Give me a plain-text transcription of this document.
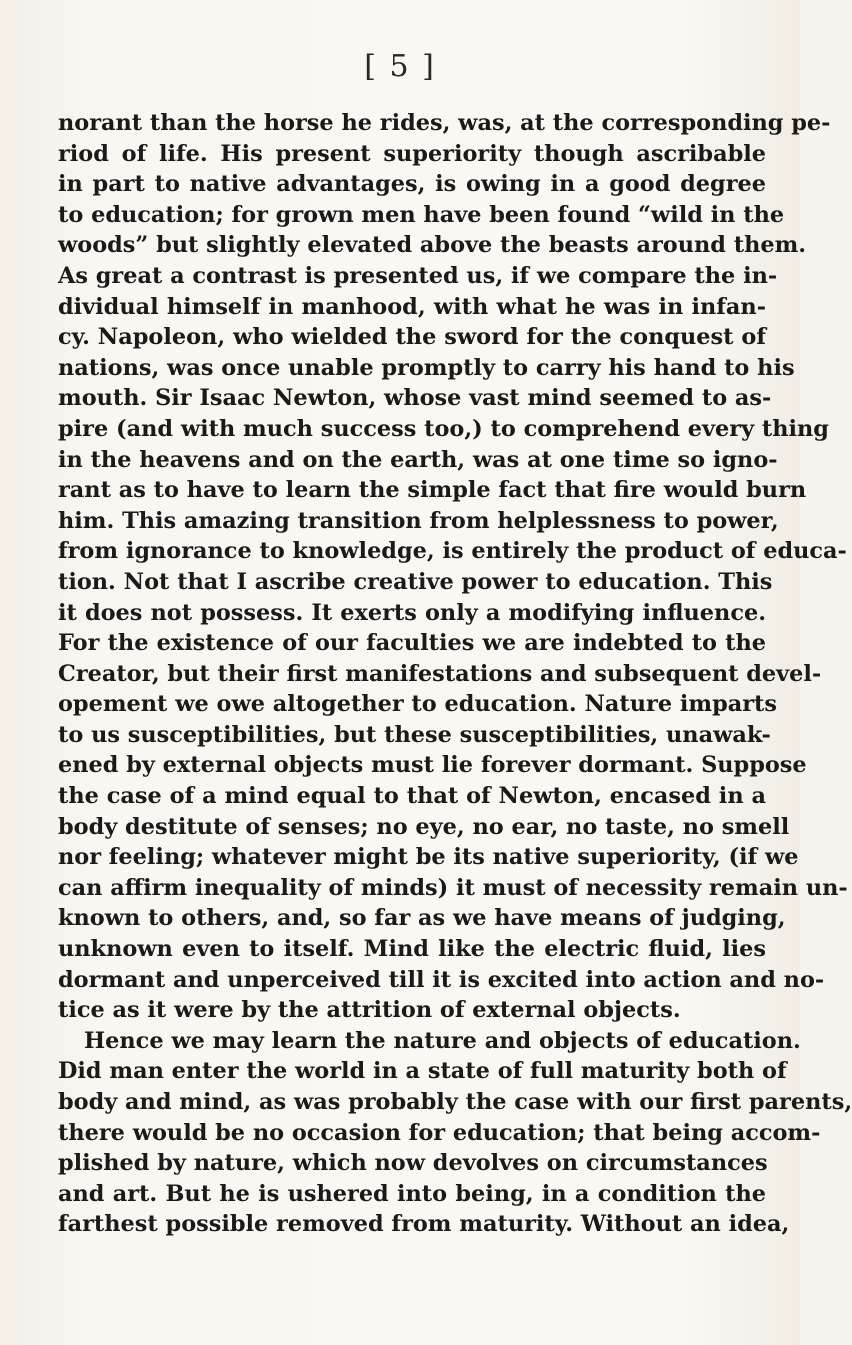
[ 5 ]
norant than the horse he rides, was, at the corresponding pe-
riod of life. His present superiority though ascribable
in part to native advantages, is owing in a good degree
to education; for grown men have been found “wild in the
woods” but slightly elevated above the beasts around them.
As great a contrast is presented us, if we compare the in-
dividual himself in manhood, with what he was in infan-
cy. Napoleon, who wielded the sword for the conquest of
nations, was once unable promptly to carry his hand to his
mouth. Sir Isaac Newton, whose vast mind seemed to as-
pire (and with much success too,) to comprehend every thing
in the heavens and on the earth, was at one time so igno-
rant as to have to learn the simple fact that fire would burn
him. This amazing transition from helplessness to power,
from ignorance to knowledge, is entirely the product of educa-
tion. Not that I ascribe creative power to education. This
it does not possess. It exerts only a modifying influence.
For the existence of our faculties we are indebted to the
Creator, but their first manifestations and subsequent devel-
opement we owe altogether to education. Nature imparts
to us susceptibilities, but these susceptibilities, unawak-
ened by external objects must lie forever dormant. Suppose
the case of a mind equal to that of Newton, encased in a
body destitute of senses; no eye, no ear, no taste, no smell
nor feeling; whatever might be its native superiority, (if we
can affirm inequality of minds) it must of necessity remain un-
known to others, and, so far as we have means of judging,
unknown even to itself. Mind like the electric fluid, lies
dormant and unperceived till it is excited into action and no-
tice as it were by the attrition of external objects.
Hence we may learn the nature and objects of education.
Did man enter the world in a state of full maturity both of
body and mind, as was probably the case with our first parents,
there would be no occasion for education; that being accom-
plished by nature, which now devolves on circumstances
and art. But he is ushered into being, in a condition the
farthest possible removed from maturity. Without an idea,
